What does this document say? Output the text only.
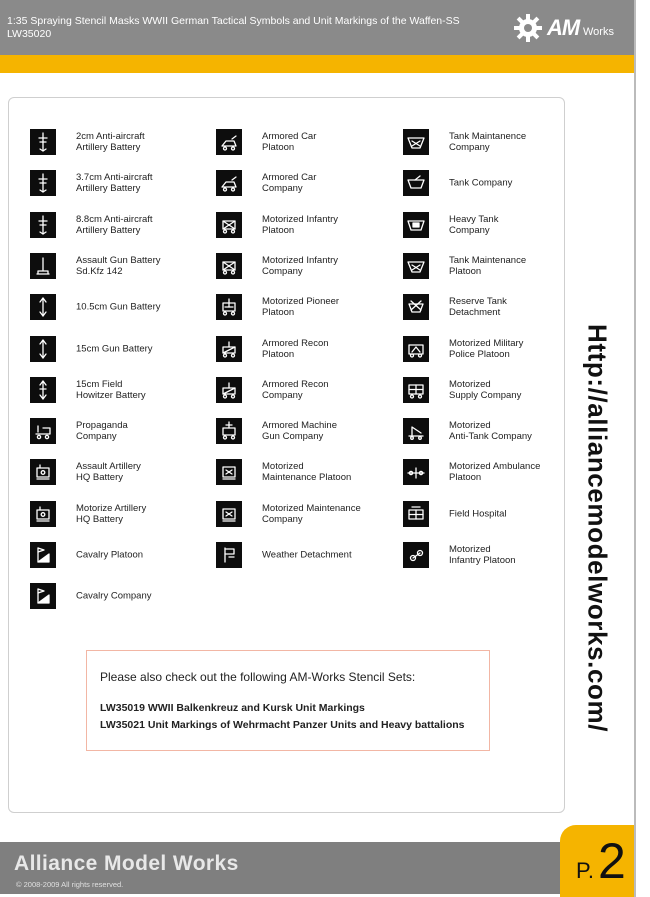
1:35 Spraying Stencil Masks WWII German Tactical Symbols and Unit Markings of the Waffen-SS
LW35020	AM Works
2cm Anti-aircraft
Artillery Battery
3.7cm Anti-aircraft
Artillery Battery
8.8cm Anti-aircraft
Artillery Battery
Assault Gun Battery
Sd.Kfz 142
10.5cm Gun Battery
15cm Gun Battery
15cm Field
Howitzer Battery
Propaganda
Company
Assault Artillery
HQ Battery
Motorize Artillery
HQ Battery
Cavalry Platoon
Cavalry Company
Armored Car
Platoon
Armored Car
Company
Motorized Infantry
Platoon
Motorized Infantry
Company
Motorized Pioneer
Platoon
Armored Recon
Platoon
Armored Recon
Company
Armored Machine
Gun Company
Motorized
Maintenance Platoon
Motorized Maintenance
Company
Weather Detachment
Tank Maintanence
Company
Tank Company
Heavy Tank
Company
Tank Maintenance
Platoon
Reserve Tank
Detachment
Motorized Military
Police Platoon
Motorized
Supply Company
Motorized
Anti-Tank Company
Motorized Ambulance
Platoon
Field Hospital
Motorized
Infantry Platoon
Please also check out the following AM-Works Stencil Sets:
LW35019 WWII Balkenkreuz and Kursk Unit Markings
LW35021 Unit Markings of Wehrmacht Panzer Units and Heavy battalions	Http://alliancemodelworks.com/
Alliance Model Works
© 2008-2009 All rights reserved.
P. 2
